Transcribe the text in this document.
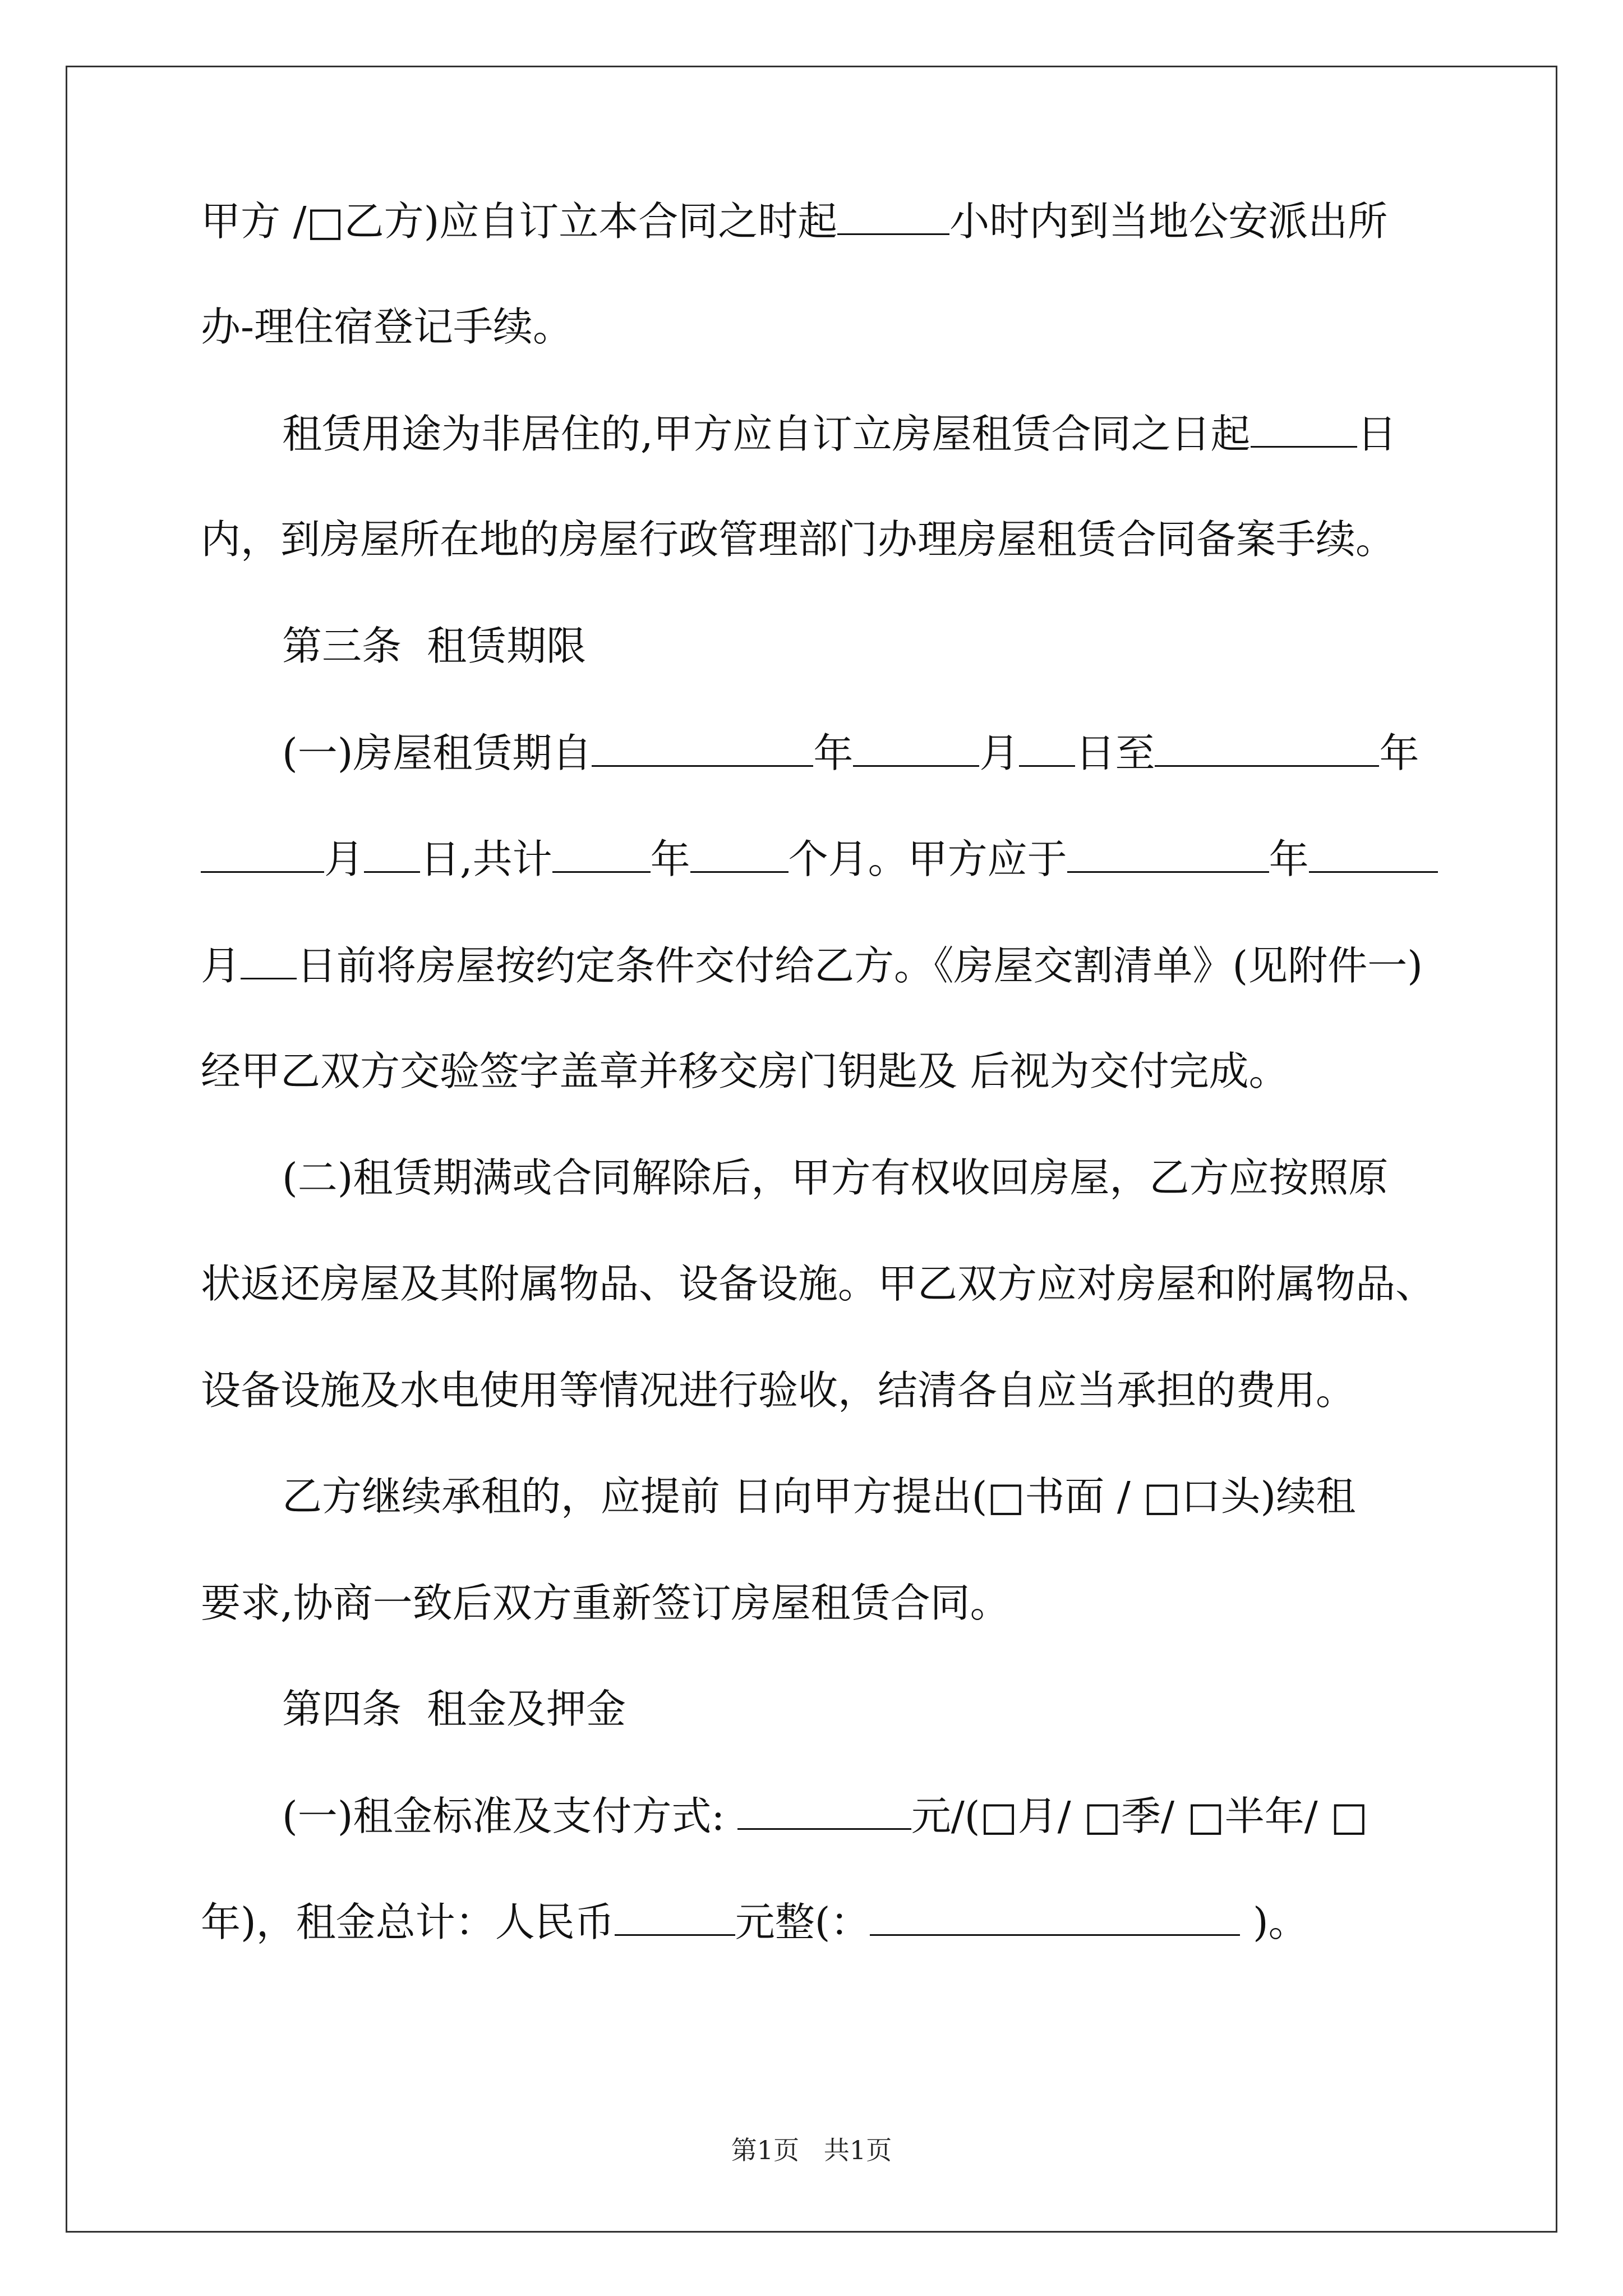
甲方 /□乙方)应自订立本合同之时起	小时内到当地公安派出所
办-理住宿登记手续。
租赁用途为非居住的,甲方应自订立房屋租赁合同之日起	日
内，到房屋所在地的房屋行政管理部门办理房屋租赁合同备案手续。
第三条  租赁期限
(一)房屋租赁期自	年	月 日至	年
月 日,共计 年 个月。甲方应于	年
月 日前将房屋按约定条件交付给乙方。《房屋交割清单》(见附件一)
经甲乙双方交验签字盖章并移交房门钥匙及 后视为交付完成。
(二)租赁期满或合同解除后，甲方有权收回房屋，乙方应按照原
状返还房屋及其附属物品、设备设施。甲乙双方应对房屋和附属物品、
设备设施及水电使用等情况进行验收，结清各自应当承担的费用。
乙方继续承租的，应提前 日向甲方提出(□书面 / □口头)续租
要求,协商一致后双方重新签订房屋租赁合同。
第四条  租金及押金
(一)租金标准及支付方式:	元/(□月/ □季/ □半年/ □
年)，租金总计：人民币	元整(：	)。
第1页   共1页
